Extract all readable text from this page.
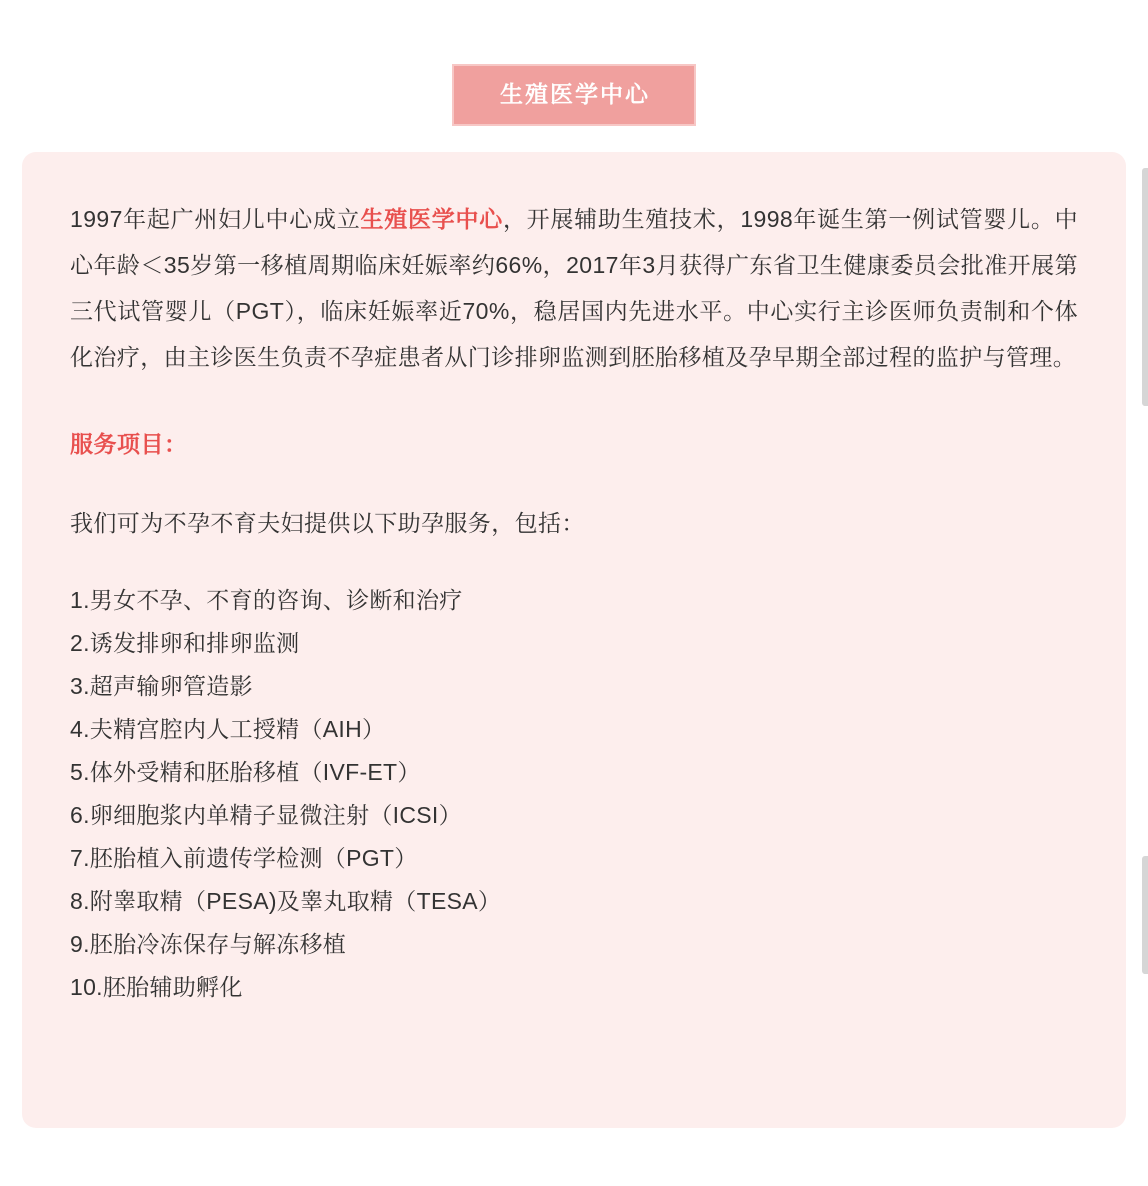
生殖医学中心

1997年起广州妇儿中心成立生殖医学中心，开展辅助生殖技术，1998年诞生第一例试管婴儿。中心年龄＜35岁第一移植周期临床妊娠率约66%，2017年3月获得广东省卫生健康委员会批准开展第三代试管婴儿（PGT），临床妊娠率近70%，稳居国内先进水平。中心实行主诊医师负责制和个体化治疗，由主诊医生负责不孕症患者从门诊排卵监测到胚胎移植及孕早期全部过程的监护与管理。

服务项目：

我们可为不孕不育夫妇提供以下助孕服务，包括：

1.男女不孕、不育的咨询、诊断和治疗
2.诱发排卵和排卵监测
3.超声输卵管造影
4.夫精宫腔内人工授精（AIH）
5.体外受精和胚胎移植（IVF-ET）
6.卵细胞浆内单精子显微注射（ICSI）
7.胚胎植入前遗传学检测（PGT）
8.附睾取精（PESA)及睾丸取精（TESA）
9.胚胎冷冻保存与解冻移植
10.胚胎辅助孵化
